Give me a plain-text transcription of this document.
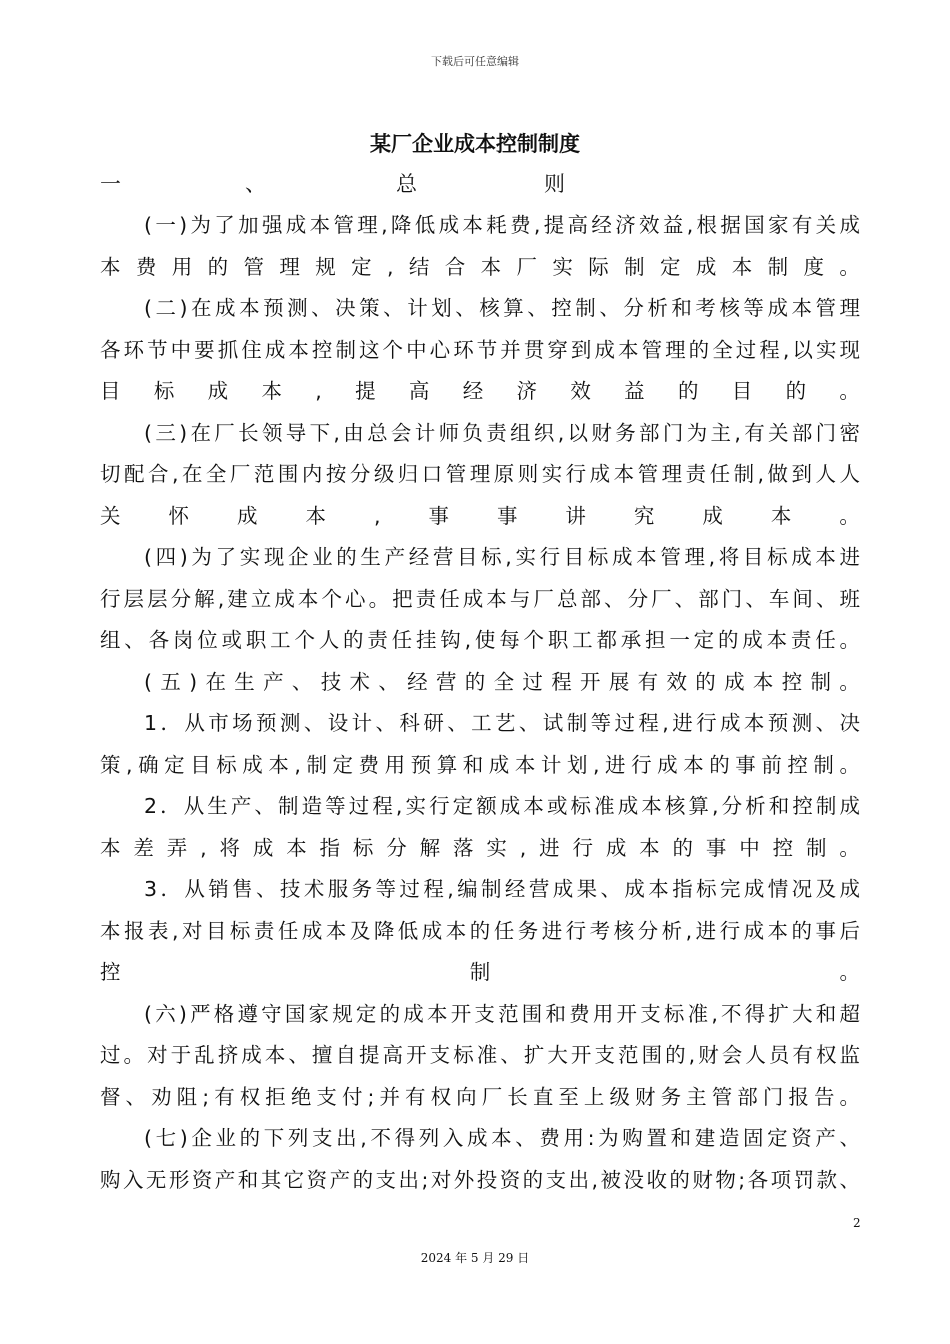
下载后可任意编辑
某厂企业成本控制制度
一	、	总	则
(一)为了加强成本管理,降低成本耗费,提高经济效益,根据国家有关成
本 费 用 的 管 理 规 定 , 结 合 本 厂 实 际 制 定 成 本 制 度 。
(二)在成本预测、决策、计划、核算、控制、分析和考核等成本管理
各环节中要抓住成本控制这个中心环节并贯穿到成本管理的全过程,以实现
目 标 成 本 , 提 高 经 济 效 益 的 目 的 。
(三)在厂长领导下,由总会计师负责组织,以财务部门为主,有关部门密
切配合,在全厂范围内按分级归口管理原则实行成本管理责任制,做到人人
关 怀 成 本 , 事 事 讲 究 成 本 。
(四)为了实现企业的生产经营目标,实行目标成本管理,将目标成本进
行层层分解,建立成本个心。把责任成本与厂总部、分厂、部门、车间、班
组、各岗位或职工个人的责任挂钩,使每个职工都承担一定的成本责任。
( 五 ) 在 生 产 、 技 术 、 经 营 的 全 过 程 开 展 有 效 的 成 本 控 制 。
1．从市场预测、设计、科研、工艺、试制等过程,进行成本预测、决
策,确定目标成本,制定费用预算和成本计划,进行成本的事前控制。
2．从生产、制造等过程,实行定额成本或标准成本核算,分析和控制成
本 差 弄 , 将 成 本 指 标 分 解 落 实 , 进 行 成 本 的 事 中 控 制 。
3．从销售、技术服务等过程,编制经营成果、成本指标完成情况及成
本报表,对目标责任成本及降低成本的任务进行考核分析,进行成本的事后
控	制	。
(六)严格遵守国家规定的成本开支范围和费用开支标准,不得扩大和超
过。对于乱挤成本、擅自提高开支标准、扩大开支范围的,财会人员有权监
督、劝阻;有权拒绝支付;并有权向厂长直至上级财务主管部门报告。
(七)企业的下列支出,不得列入成本、费用:为购置和建造固定资产、
购入无形资产和其它资产的支出;对外投资的支出,被没收的财物;各项罚款、
2
2024 年 5 月 29 日
